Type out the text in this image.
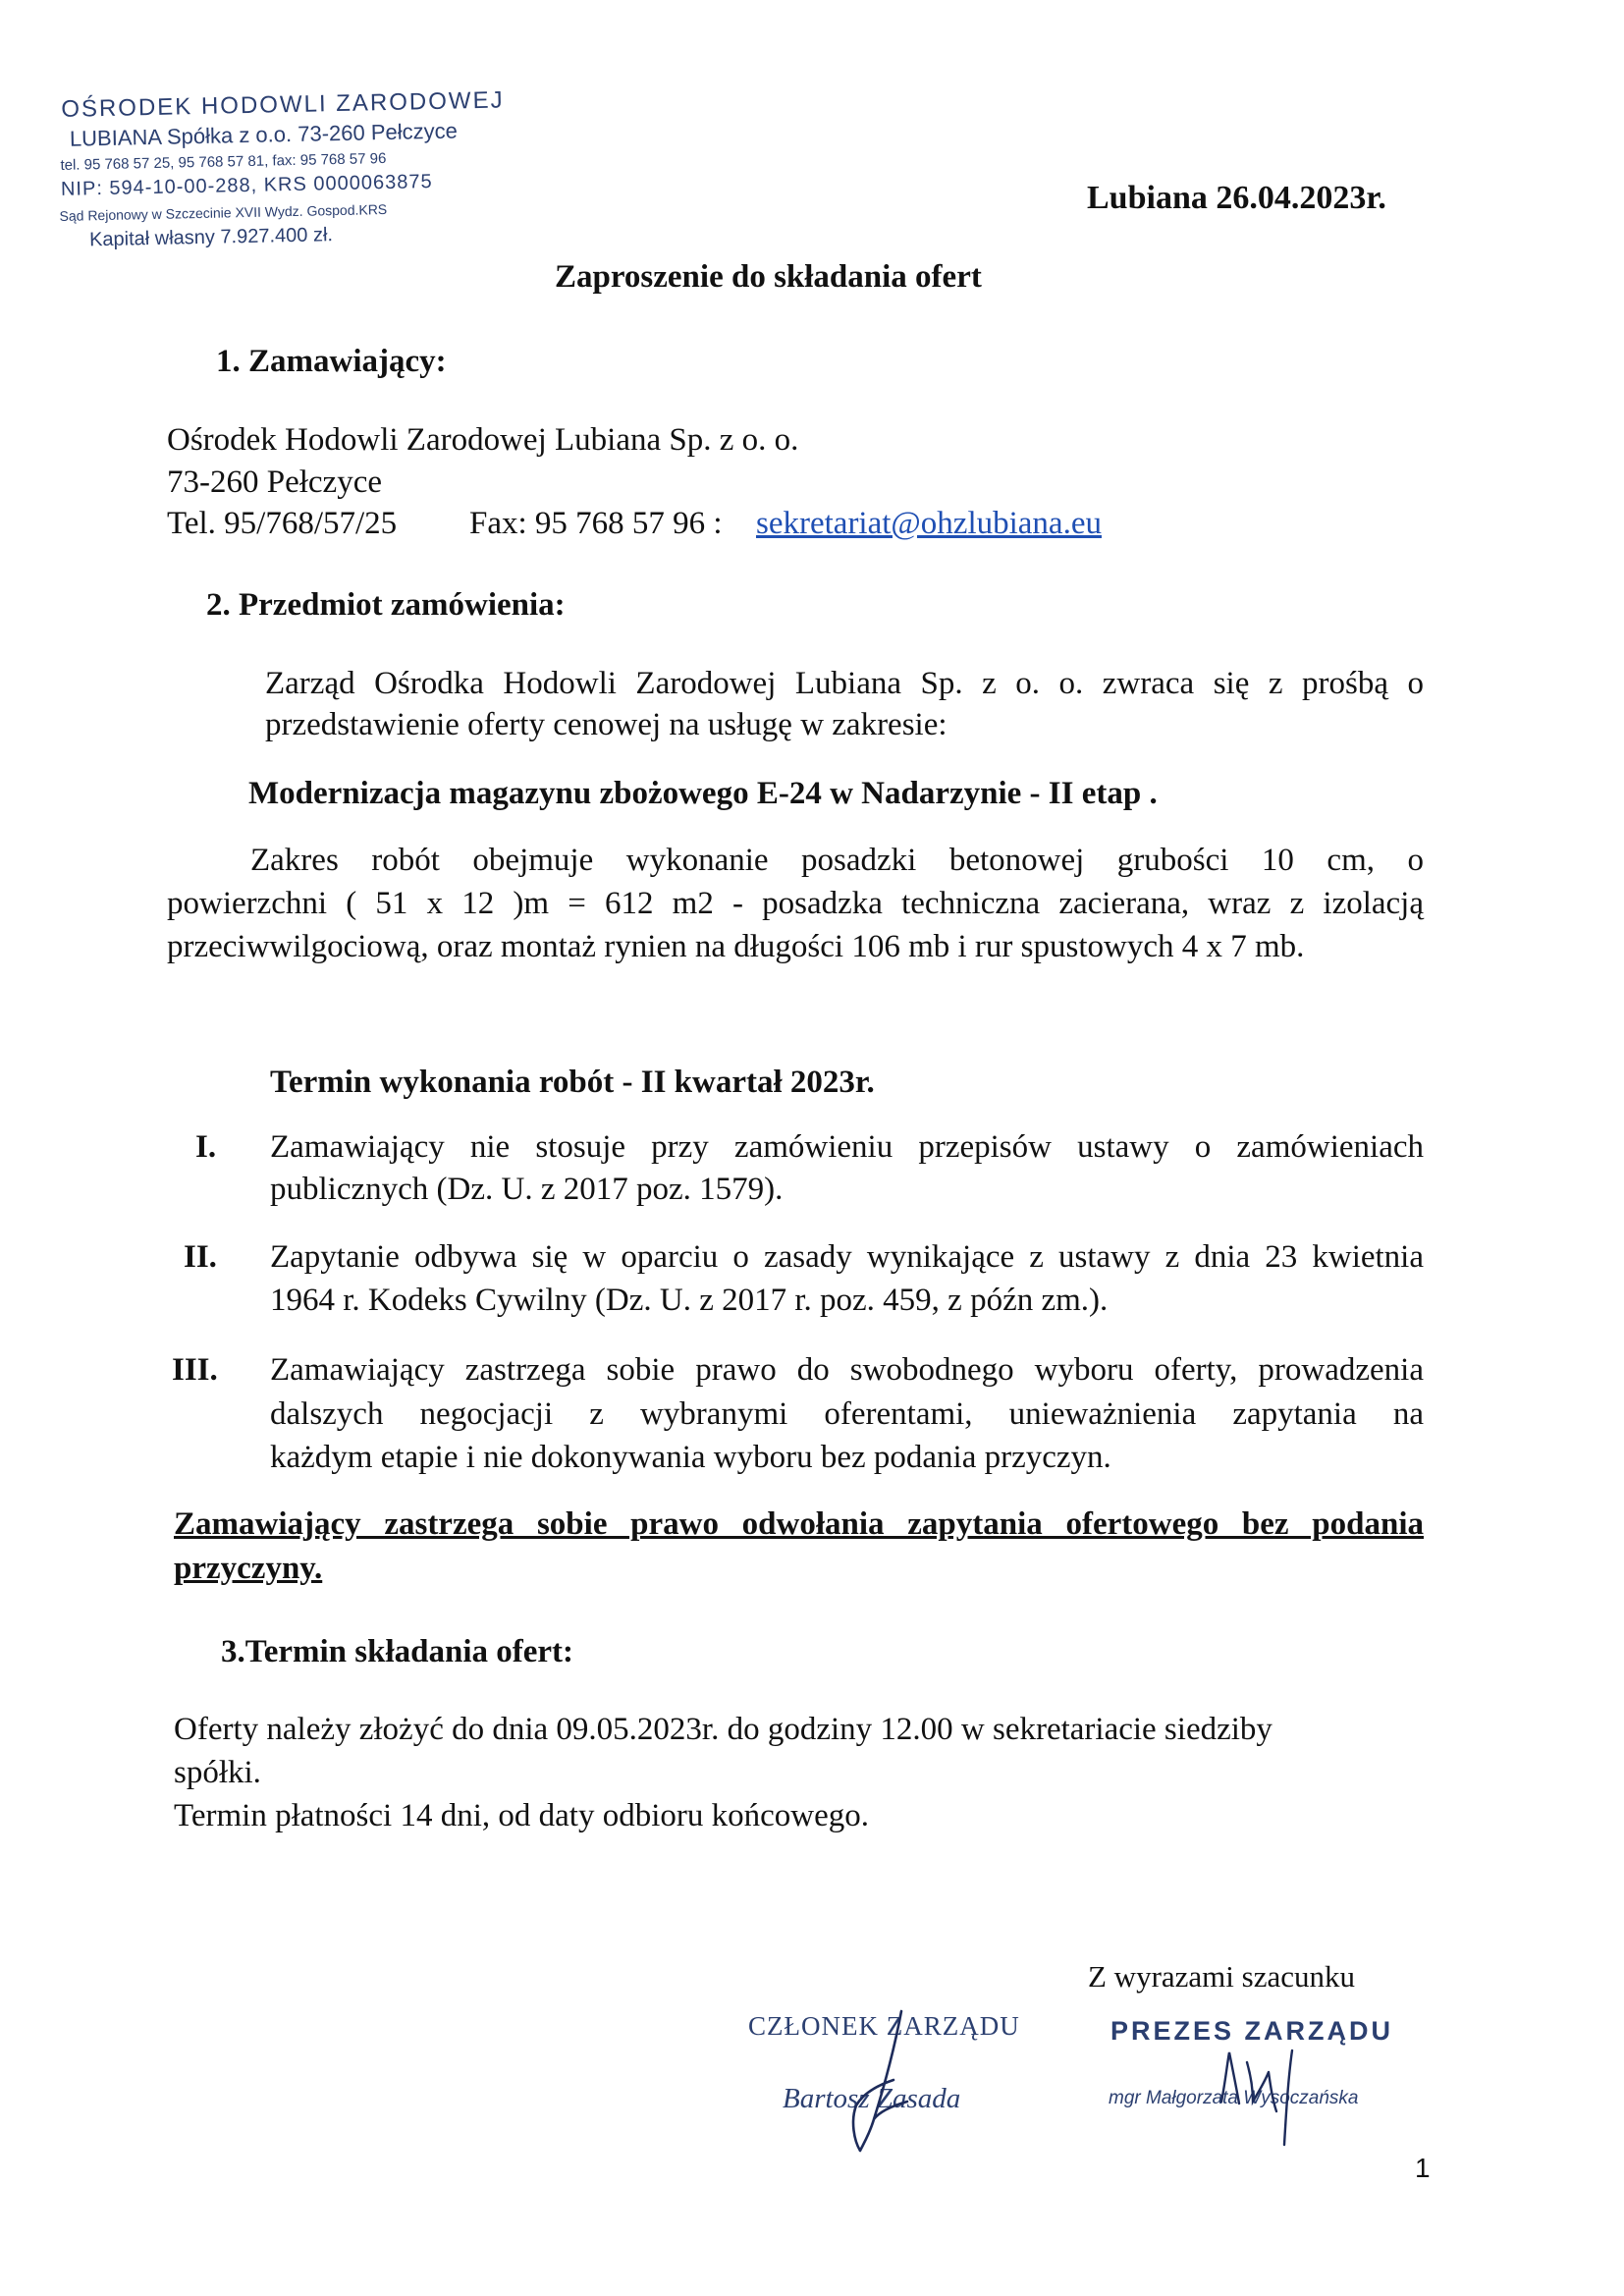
OŚRODEK HODOWLI ZARODOWEJ
LUBIANA Spółka z o.o. 73-260 Pełczyce
tel. 95 768 57 25, 95 768 57 81, fax: 95 768 57 96
NIP: 594-10-00-288, KRS 0000063875
Sąd Rejonowy w Szczecinie XVII Wydz. Gospod.KRS
Kapitał własny 7.927.400 zł.
Lubiana 26.04.2023r.
Zaproszenie do składania ofert
1. Zamawiający:
Ośrodek Hodowli Zarodowej Lubiana Sp. z o. o.
73-260 Pełczyce
Tel. 95/768/57/25 Fax: 95 768 57 96 : sekretariat@ohzlubiana.eu
2. Przedmiot zamówienia:
Zarząd Ośrodka Hodowli Zarodowej Lubiana Sp. z o. o. zwraca się z prośbą o
przedstawienie oferty cenowej na usługę w zakresie:
Modernizacja magazynu zbożowego E-24 w Nadarzynie - II etap .
Zakres robót obejmuje wykonanie posadzki betonowej grubości 10 cm, o
powierzchni ( 51 x 12 )m = 612 m2 - posadzka techniczna zacierana, wraz z izolacją
przeciwwilgociową, oraz montaż rynien na długości 106 mb i rur spustowych 4 x 7 mb.
Termin wykonania robót - II kwartał 2023r.
I.	Zamawiający nie stosuje przy zamówieniu przepisów ustawy o zamówieniach
publicznych (Dz. U. z 2017 poz. 1579).
II.	Zapytanie odbywa się w oparciu o zasady wynikające z ustawy z dnia 23 kwietnia
1964 r. Kodeks Cywilny (Dz. U. z 2017 r. poz. 459, z późn zm.).
III.	Zamawiający zastrzega sobie prawo do swobodnego wyboru oferty, prowadzenia
dalszych negocjacji z wybranymi oferentami, unieważnienia zapytania na
każdym etapie i nie dokonywania wyboru bez podania przyczyn.
Zamawiający zastrzega sobie prawo odwołania zapytania ofertowego bez podania
przyczyny.
3.Termin składania ofert:
Oferty należy złożyć do dnia 09.05.2023r. do godziny 12.00 w sekretariacie siedziby
spółki.
Termin płatności 14 dni, od daty odbioru końcowego.
Z wyrazami szacunku
CZŁONEK ZARZĄDU
Bartosz Zasada
PREZES ZARZĄDU
mgr Małgorzata Wysoczańska
1
